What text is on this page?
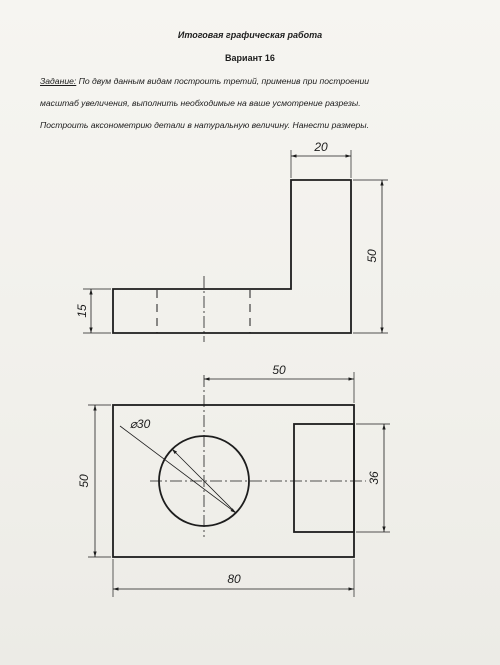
Итоговая графическая работа
Вариант 16
Задание: По двум данным видам построить третий, применив при построении
масштаб увеличения, выполнить необходимые на ваше усмотрение разрезы.
Построить аксонометрию детали в натуральную величину. Нанести размеры.
20
50
15
50
⌀30
50	36
80
